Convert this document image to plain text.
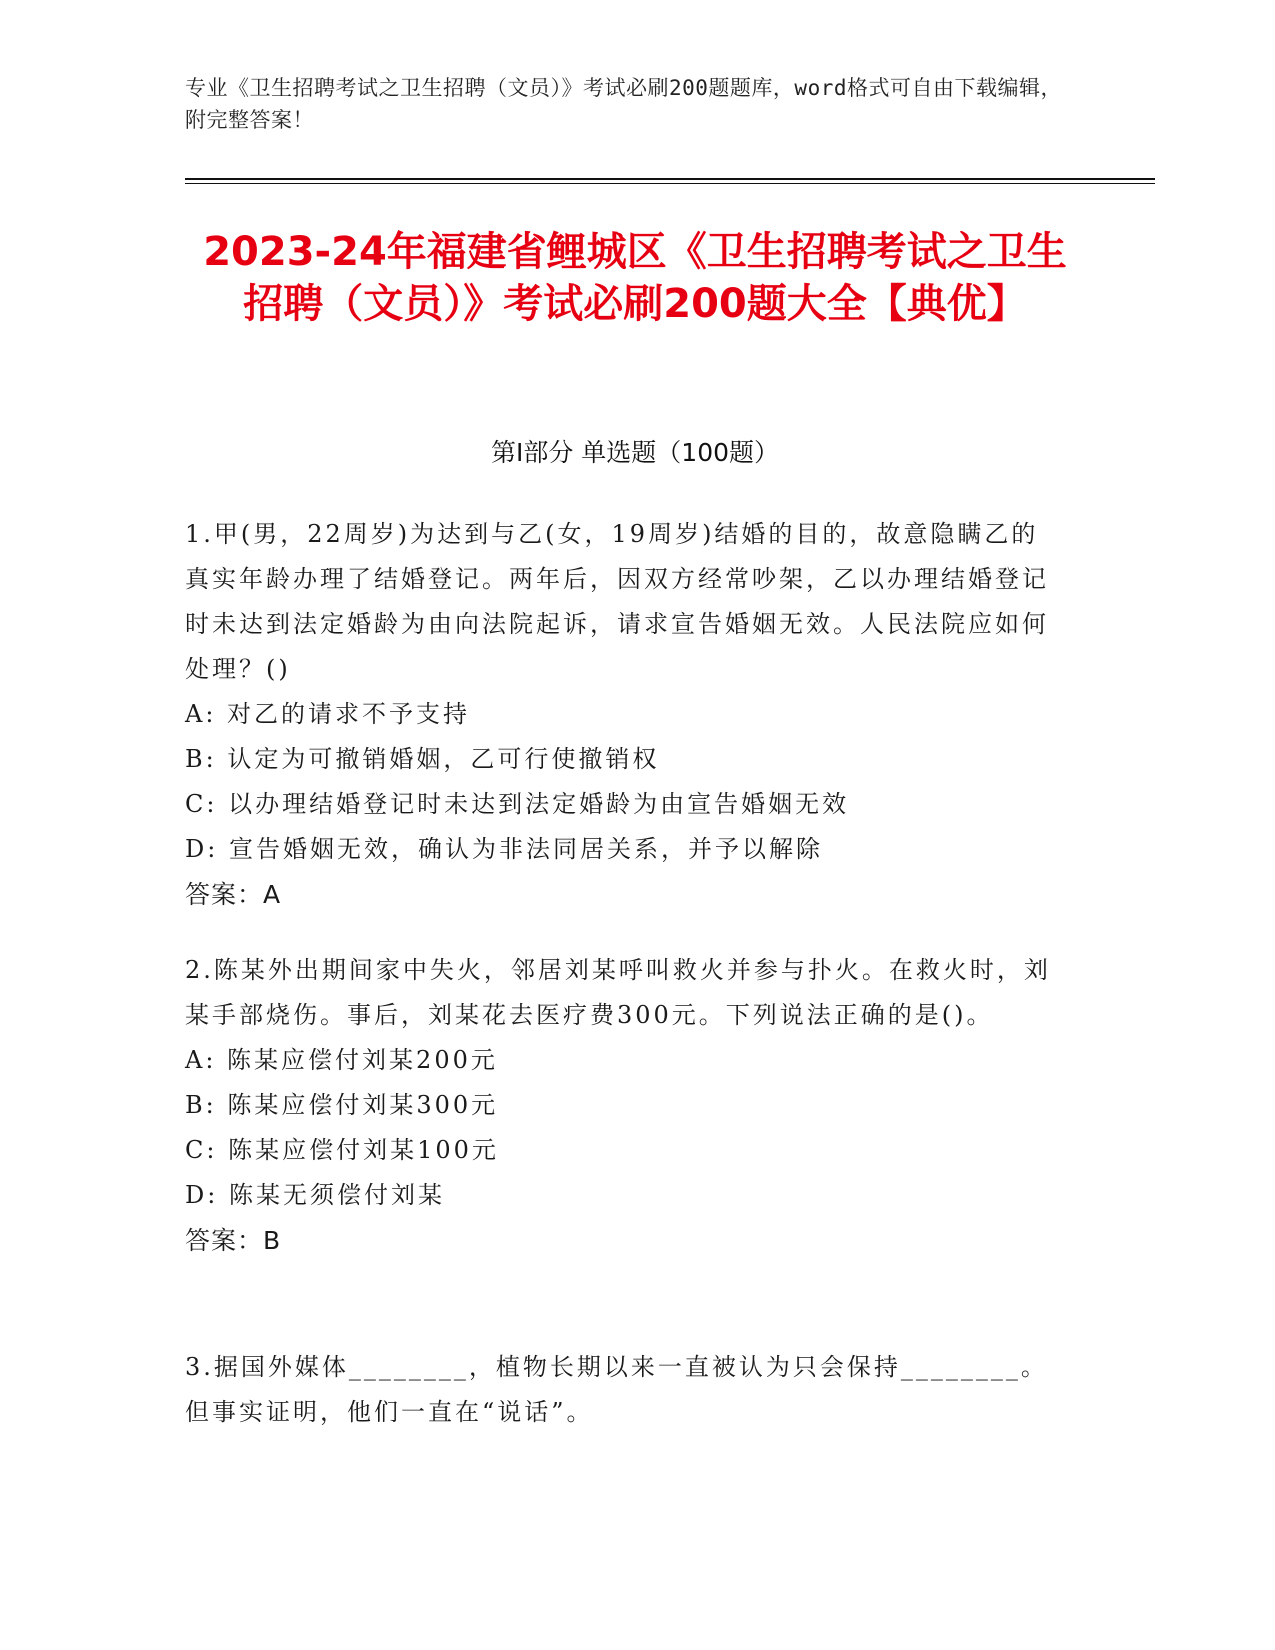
专业《卫生招聘考试之卫生招聘（文员）》考试必刷200题题库，word格式可自由下载编辑，附完整答案！
2023-24年福建省鲤城区《卫生招聘考试之卫生招聘（文员）》考试必刷200题大全【典优】
第I部分 单选题（100题）

1.甲(男，22周岁)为达到与乙(女，19周岁)结婚的目的，故意隐瞒乙的真实年龄办理了结婚登记。两年后，因双方经常吵架，乙以办理结婚登记时未达到法定婚龄为由向法院起诉，请求宣告婚姻无效。人民法院应如何处理？()

A: 对乙的请求不予支持
B: 认定为可撤销婚姻，乙可行使撤销权
C: 以办理结婚登记时未达到法定婚龄为由宣告婚姻无效
D: 宣告婚姻无效，确认为非法同居关系，并予以解除
答案：A

2.陈某外出期间家中失火，邻居刘某呼叫救火并参与扑火。在救火时，刘某手部烧伤。事后，刘某花去医疗费300元。下列说法正确的是()。

A: 陈某应偿付刘某200元
B: 陈某应偿付刘某300元
C: 陈某应偿付刘某100元
D: 陈某无须偿付刘某
答案：B

3.据国外媒体________，植物长期以来一直被认为只会保持________。但事实证明，他们一直在“说话”。
